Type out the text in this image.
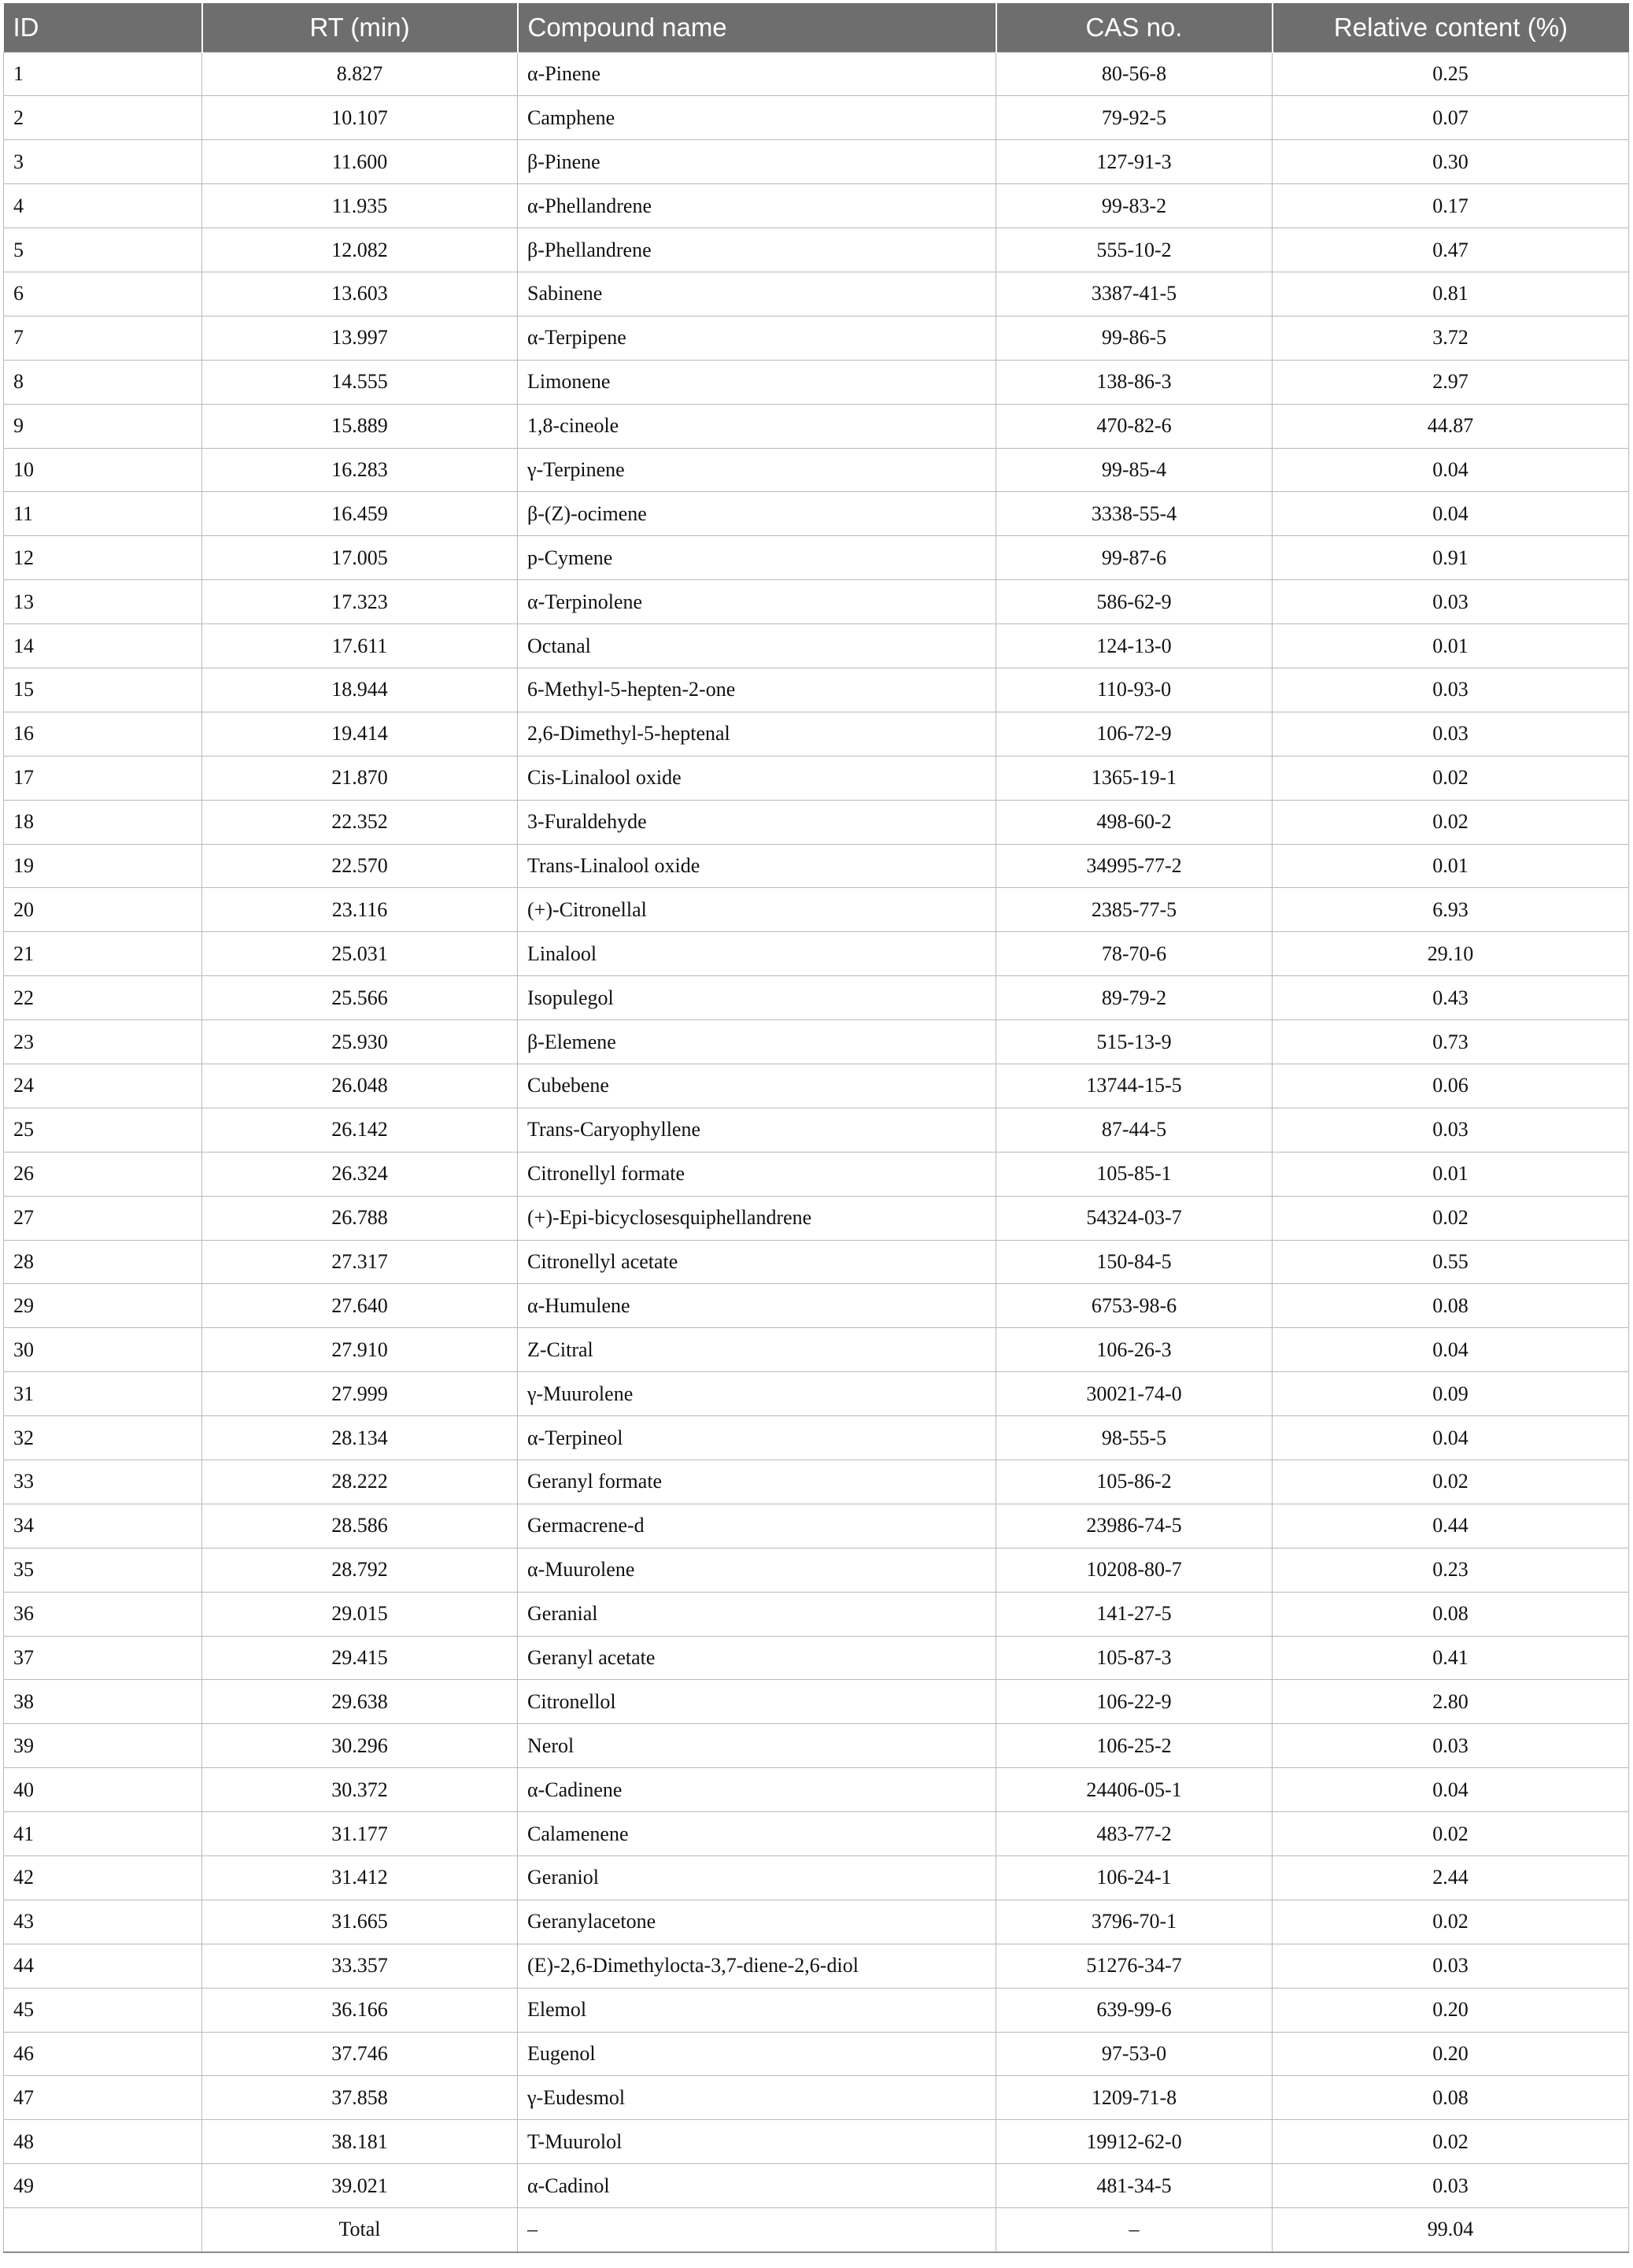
ID	RT (min)	Compound name	CAS no.	Relative content (%)
1	8.827	α-Pinene	80-56-8	0.25
2	10.107	Camphene	79-92-5	0.07
3	11.600	β-Pinene	127-91-3	0.30
4	11.935	α-Phellandrene	99-83-2	0.17
5	12.082	β-Phellandrene	555-10-2	0.47
6	13.603	Sabinene	3387-41-5	0.81
7	13.997	α-Terpipene	99-86-5	3.72
8	14.555	Limonene	138-86-3	2.97
9	15.889	1,8-cineole	470-82-6	44.87
10	16.283	γ-Terpinene	99-85-4	0.04
11	16.459	β-(Z)-ocimene	3338-55-4	0.04
12	17.005	p-Cymene	99-87-6	0.91
13	17.323	α-Terpinolene	586-62-9	0.03
14	17.611	Octanal	124-13-0	0.01
15	18.944	6-Methyl-5-hepten-2-one	110-93-0	0.03
16	19.414	2,6-Dimethyl-5-heptenal	106-72-9	0.03
17	21.870	Cis-Linalool oxide	1365-19-1	0.02
18	22.352	3-Furaldehyde	498-60-2	0.02
19	22.570	Trans-Linalool oxide	34995-77-2	0.01
20	23.116	(+)-Citronellal	2385-77-5	6.93
21	25.031	Linalool	78-70-6	29.10
22	25.566	Isopulegol	89-79-2	0.43
23	25.930	β-Elemene	515-13-9	0.73
24	26.048	Cubebene	13744-15-5	0.06
25	26.142	Trans-Caryophyllene	87-44-5	0.03
26	26.324	Citronellyl formate	105-85-1	0.01
27	26.788	(+)-Epi-bicyclosesquiphellandrene	54324-03-7	0.02
28	27.317	Citronellyl acetate	150-84-5	0.55
29	27.640	α-Humulene	6753-98-6	0.08
30	27.910	Z-Citral	106-26-3	0.04
31	27.999	γ-Muurolene	30021-74-0	0.09
32	28.134	α-Terpineol	98-55-5	0.04
33	28.222	Geranyl formate	105-86-2	0.02
34	28.586	Germacrene-d	23986-74-5	0.44
35	28.792	α-Muurolene	10208-80-7	0.23
36	29.015	Geranial	141-27-5	0.08
37	29.415	Geranyl acetate	105-87-3	0.41
38	29.638	Citronellol	106-22-9	2.80
39	30.296	Nerol	106-25-2	0.03
40	30.372	α-Cadinene	24406-05-1	0.04
41	31.177	Calamenene	483-77-2	0.02
42	31.412	Geraniol	106-24-1	2.44
43	31.665	Geranylacetone	3796-70-1	0.02
44	33.357	(E)-2,6-Dimethylocta-3,7-diene-2,6-diol	51276-34-7	0.03
45	36.166	Elemol	639-99-6	0.20
46	37.746	Eugenol	97-53-0	0.20
47	37.858	γ-Eudesmol	1209-71-8	0.08
48	38.181	T-Muurolol	19912-62-0	0.02
49	39.021	α-Cadinol	481-34-5	0.03
	Total	–	–	99.04
